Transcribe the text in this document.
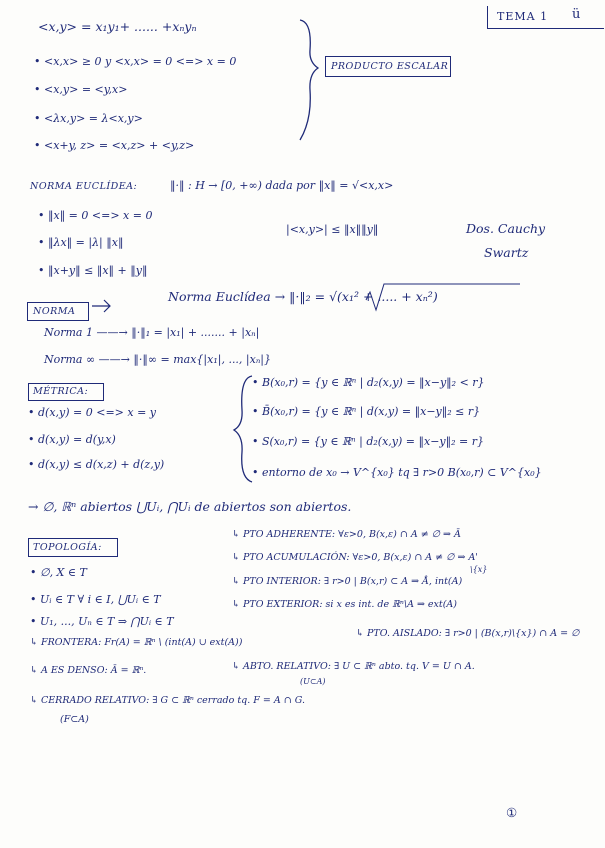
TEMA 1 ü
<x,y> = x₁y₁+ ...... +xₙyₙ
• <x,x> ≥ 0 y <x,x> = 0 <=> x = 0
• <x,y> = <y,x>
• <λx,y> = λ<x,y>
• <x+y, z> = <x,z> + <y,z>
PRODUCTO ESCALAR
NORMA EUCLÍDEA:	‖·‖ : H → [0, +∞) dada por ‖x‖ = √<x,x>
• ‖x‖ = 0 <=> x = 0
• ‖λx‖ = |λ| ‖x‖
• ‖x+y‖ ≤ ‖x‖ + ‖y‖
|<x,y>| ≤ ‖x‖‖y‖	Dos. Cauchy
Swartz
NORMA
Norma Euclídea → ‖·‖₂ = √(x₁² + ..... + xₙ²)
Norma 1 ——→ ‖·‖₁ = |x₁| + ....... + |xₙ|
Norma ∞ ——→ ‖·‖∞ = max{|x₁|, ..., |xₙ|}
MÉTRICA:
• d(x,y) = 0 <=> x = y
• d(x,y) = d(y,x)
• d(x,y) ≤ d(x,z) + d(z,y)
• B(x₀,r) = {y ∈ ℝⁿ | d₂(x,y) = ‖x−y‖₂ < r}
• B̄(x₀,r) = {y ∈ ℝⁿ | d(x,y) = ‖x−y‖₂ ≤ r}
• S(x₀,r) = {y ∈ ℝⁿ | d₂(x,y) = ‖x−y‖₂ = r}
• entorno de x₀ → V^{x₀} tq ∃ r>0 B(x₀,r) ⊂ V^{x₀}
→ ∅, ℝⁿ abiertos ⋃Uᵢ, ⋂Uᵢ de abiertos son abiertos.
TOPOLOGÍA:
• ∅, X ∈ T
• Uᵢ ∈ T ∀ i ∈ I, ⋃Uᵢ ∈ T
• U₁, ..., Uₙ ∈ T ⇒ ⋂Uᵢ ∈ T
↳ PTO ADHERENTE: ∀ε>0, B(x,ε) ∩ A ≠ ∅ ⇒ Ā
↳ PTO ACUMULACIÓN: ∀ε>0, B(x,ε) ∩ A ≠ ∅ ⇒ A'
\{x}
↳ PTO INTERIOR: ∃ r>0 | B(x,r) ⊂ A ⇒ Å, int(A)
↳ PTO EXTERIOR: si x es int. de ℝⁿ\A ⇒ ext(A)
↳ FRONTERA: Fr(A) = ℝⁿ \ (int(A) ∪ ext(A))
↳ PTO. AISLADO: ∃ r>0 | (B(x,r)\{x}) ∩ A = ∅
↳ A ES DENSO: Ā = ℝⁿ.	↳ ABTO. RELATIVO: ∃ U ⊂ ℝⁿ abto. tq. V = U ∩ A.
(U⊂A)
↳ CERRADO RELATIVO: ∃ G ⊂ ℝⁿ cerrado tq. F = A ∩ G.
(F⊂A)
①
